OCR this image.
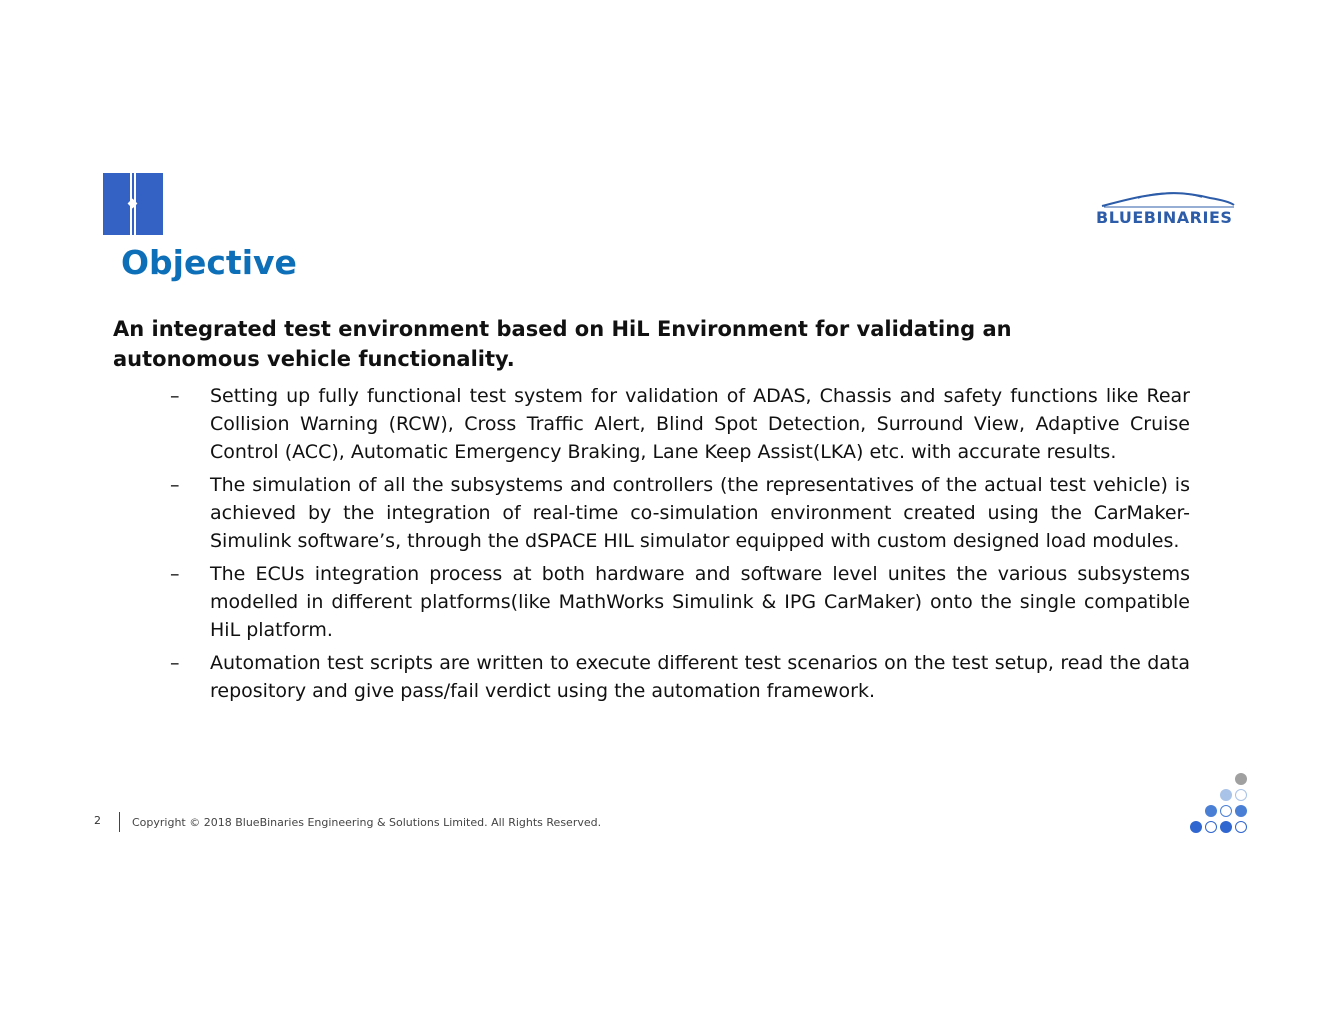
BLUEBINARIES
Objective

An integrated test environment based on HiL Environment for validating an
autonomous vehicle functionality.

– Setting up fully functional test system for validation of ADAS, Chassis and safety functions like Rear Collision Warning (RCW), Cross Traffic Alert, Blind Spot Detection, Surround View, Adaptive Cruise Control (ACC), Automatic Emergency Braking, Lane Keep Assist(LKA) etc. with accurate results.
– The simulation of all the subsystems and controllers (the representatives of the actual test vehicle) is achieved by the integration of real-time co-simulation environment created using the CarMaker-Simulink software’s, through the dSPACE HIL simulator equipped with custom designed load modules.
– The ECUs integration process at both hardware and software level unites the various subsystems modelled in different platforms(like MathWorks Simulink & IPG CarMaker) onto the single compatible HiL platform.
– Automation test scripts are written to execute different test scenarios on the test setup, read the data repository and give pass/fail verdict using the automation framework.
2	Copyright © 2018 BlueBinaries Engineering & Solutions Limited. All Rights Reserved.
